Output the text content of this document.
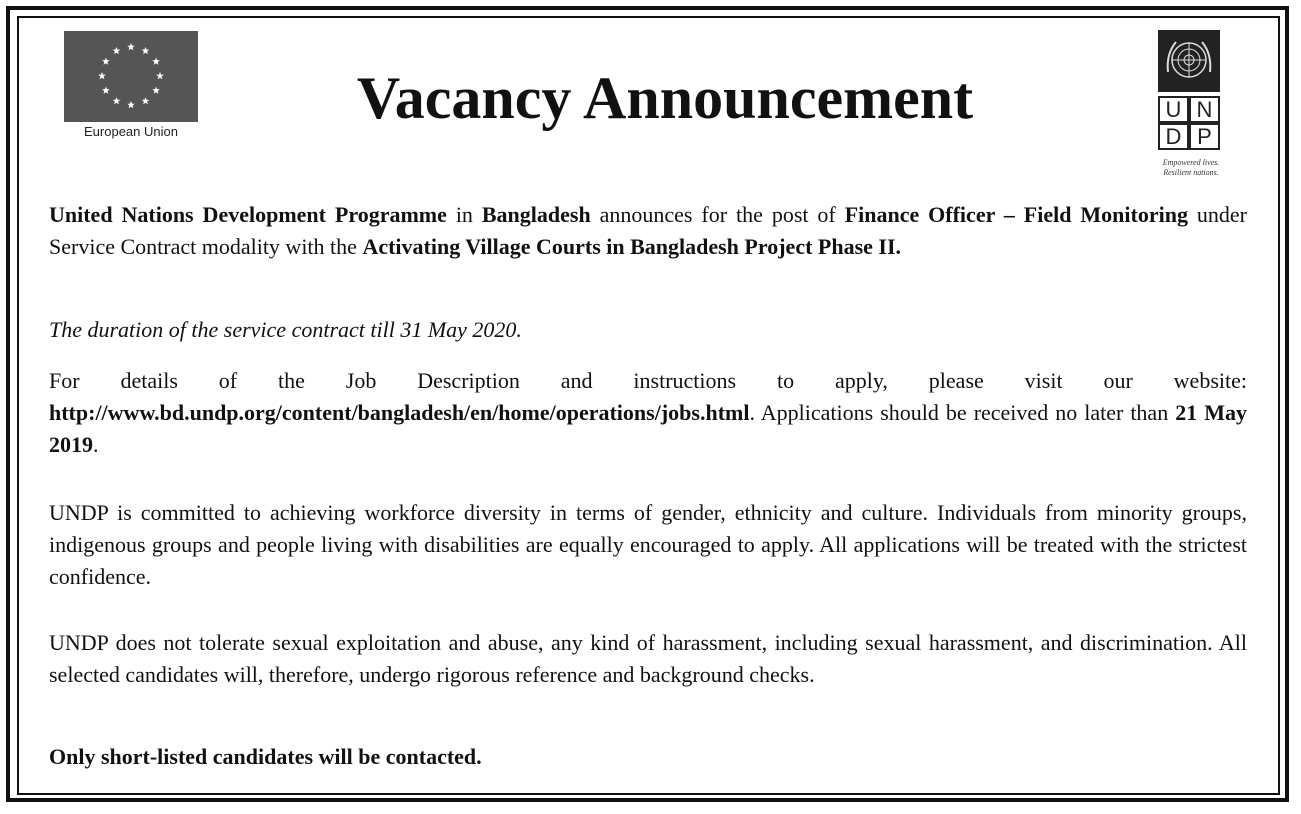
European Union
Vacancy Announcement	U N
D P
Empowered lives.
Resilient nations.

United Nations Development Programme in Bangladesh announces for the post of Finance Officer – Field Monitoring under Service Contract modality with the Activating Village Courts in Bangladesh Project Phase II.

The duration of the service contract till 31 May 2020.

For details of the Job Description and instructions to apply, please visit our website: http://www.bd.undp.org/content/bangladesh/en/home/operations/jobs.html. Applications should be received no later than 21 May 2019.

UNDP is committed to achieving workforce diversity in terms of gender, ethnicity and culture. Individuals from minority groups, indigenous groups and people living with disabilities are equally encouraged to apply. All applications will be treated with the strictest confidence.

UNDP does not tolerate sexual exploitation and abuse, any kind of harassment, including sexual harassment, and discrimination. All selected candidates will, therefore, undergo rigorous reference and background checks.

Only short-listed candidates will be contacted.
